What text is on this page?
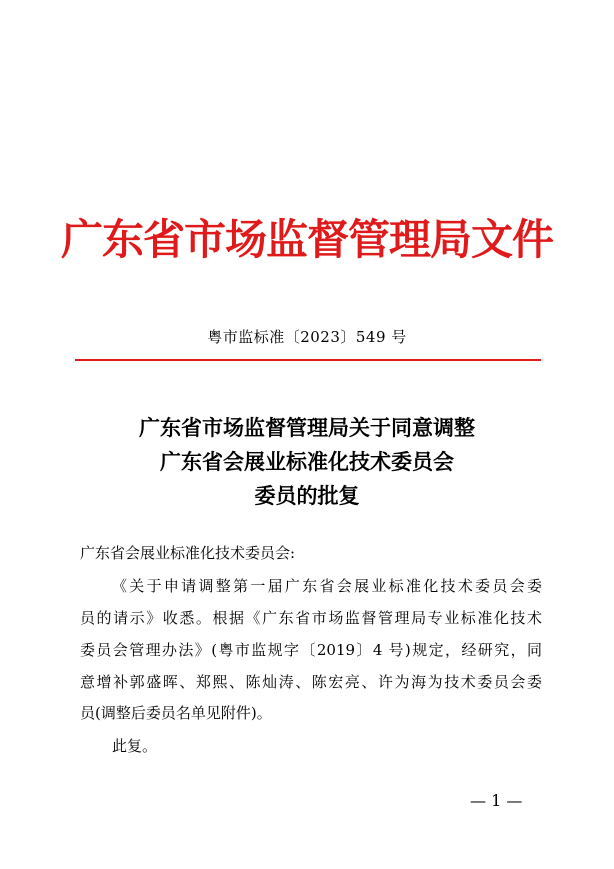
广东省市场监督管理局文件
粤市监标准〔2023〕549 号
广东省市场监督管理局关于同意调整
广东省会展业标准化技术委员会
委员的批复
广东省会展业标准化技术委员会:
《关于申请调整第一届广东省会展业标准化技术委员会委
员的请示》收悉。根据《广东省市场监督管理局专业标准化技术
委员会管理办法》(粤市监规字〔2019〕4 号)规定，经研究，同
意增补郭盛晖、郑熙、陈灿涛、陈宏亮、许为海为技术委员会委
员(调整后委员名单见附件)。
此复。
— 1 —
